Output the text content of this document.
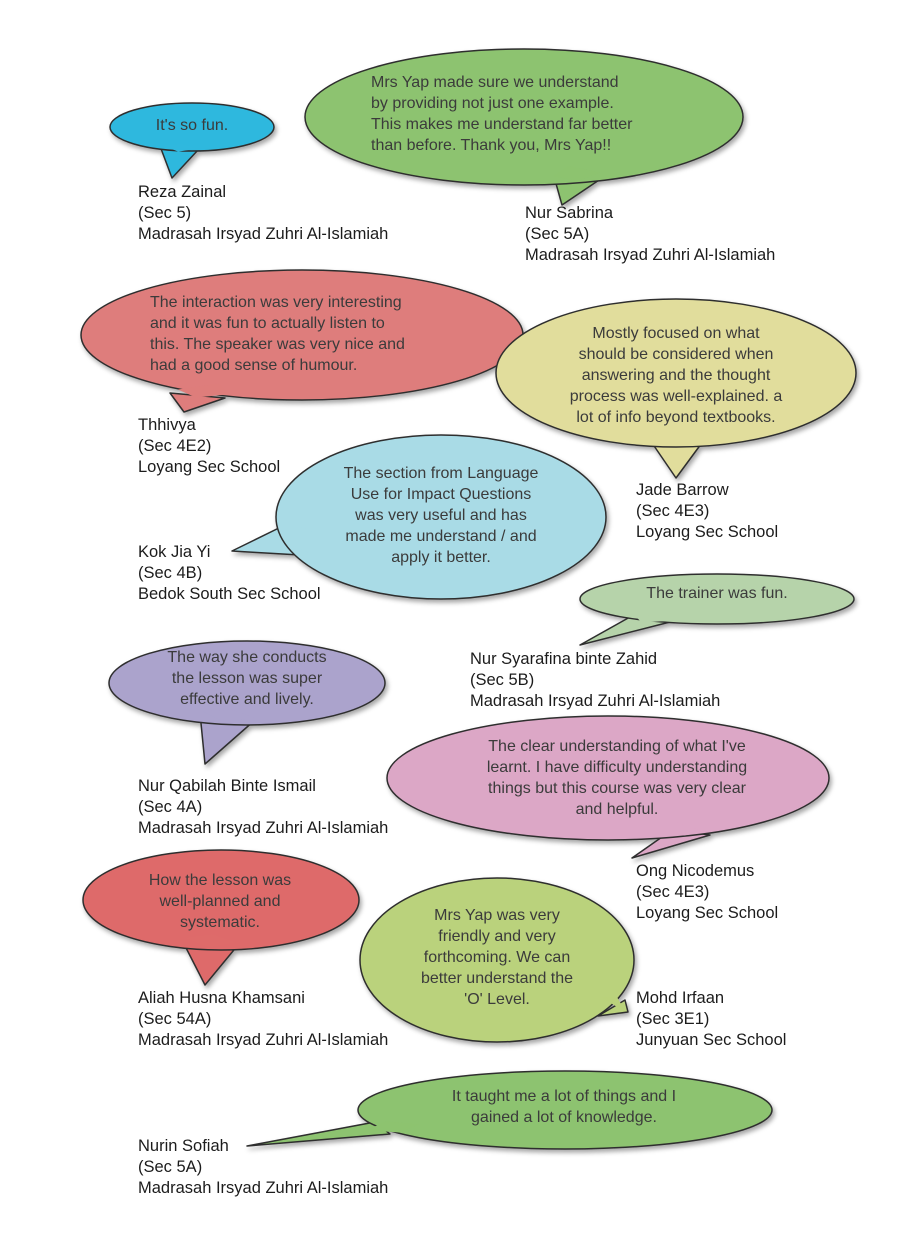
It's so fun.

Reza Zainal
(Sec 5)
Madrasah Irsyad Zuhri Al-Islamiah

Mrs Yap made sure we understand
by providing not just one example.
This makes me understand far better
than before. Thank you, Mrs Yap!!

Nur Sabrina
(Sec 5A)
Madrasah Irsyad Zuhri Al-Islamiah

The interaction was very interesting
and it was fun to actually listen to
this. The speaker was very nice and
had a good sense of humour.

Thhivya
(Sec 4E2)
Loyang Sec School

Mostly focused on what
should be considered when
answering and the thought
process was well-explained. a
lot of info beyond textbooks.

Jade Barrow
(Sec 4E3)
Loyang Sec School

The section from Language
Use for Impact Questions
was very useful and has
made me understand / and
apply it better.

Kok Jia Yi
(Sec 4B)
Bedok South Sec School	The trainer was fun.

Nur Syarafina binte Zahid
(Sec 5B)
Madrasah Irsyad Zuhri Al-Islamiah

The way she conducts
the lesson was super
effective and lively.

Nur Qabilah Binte Ismail
(Sec 4A)
Madrasah Irsyad Zuhri Al-Islamiah

The clear understanding of what I've
learnt. I have difficulty understanding
things but this course was very clear
and helpful.

Ong Nicodemus
(Sec 4E3)
Loyang Sec School

How the lesson was
well-planned and
systematic.

Aliah Husna Khamsani
(Sec 54A)
Madrasah Irsyad Zuhri Al-Islamiah

Mrs Yap was very
friendly and very
forthcoming. We can
better understand the
'O' Level.	Mohd Irfaan
(Sec 3E1)
Junyuan Sec School

It taught me a lot of things and I
gained a lot of knowledge.

Nurin Sofiah
(Sec 5A)
Madrasah Irsyad Zuhri Al-Islamiah
